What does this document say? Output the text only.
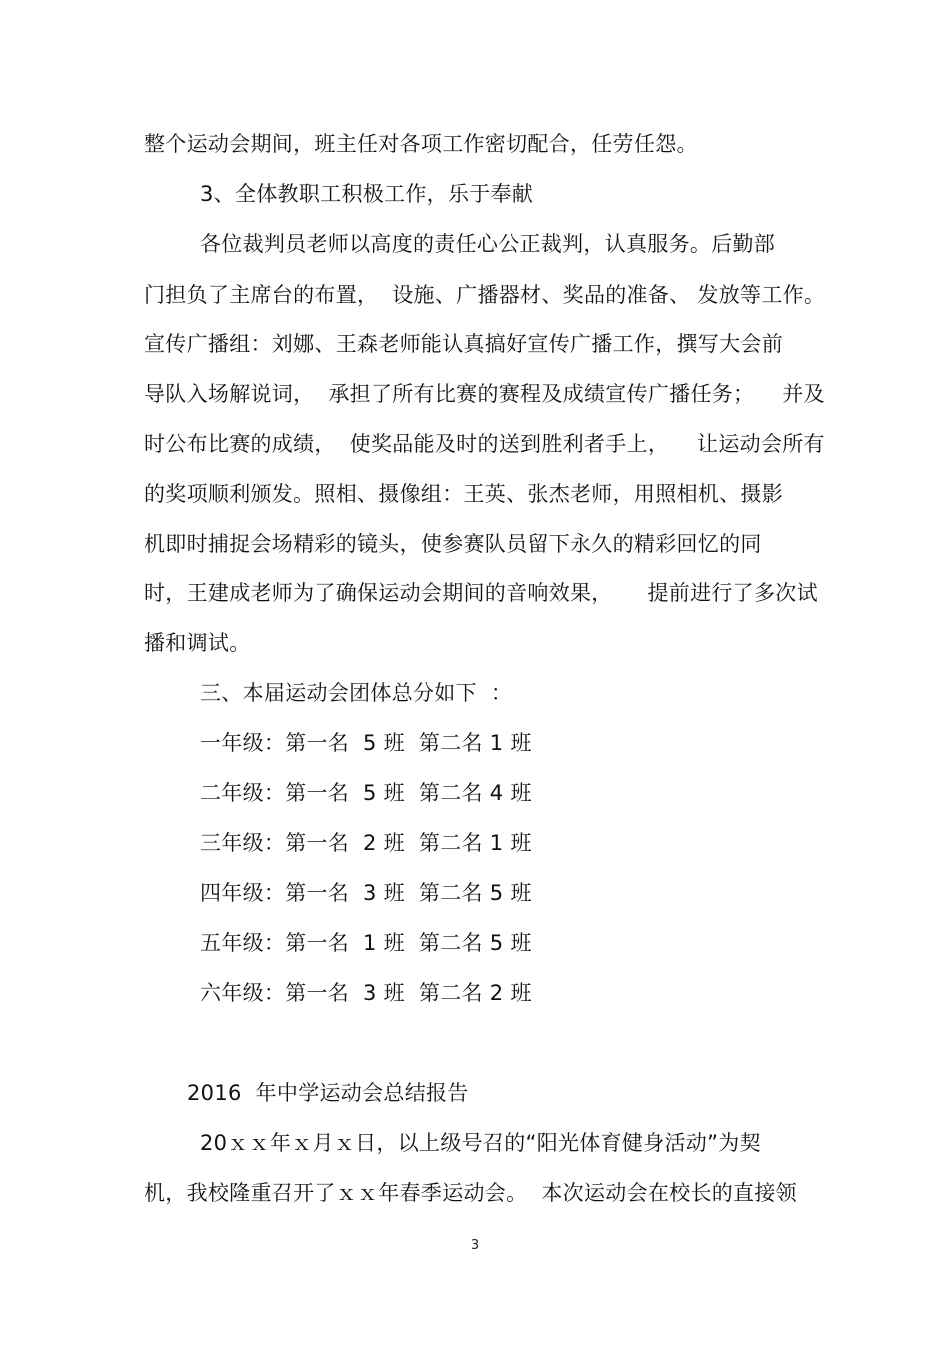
整个运动会期间，班主任对各项工作密切配合，任劳任怨。
3、全体教职工积极工作，乐于奉献
各位裁判员老师以高度的责任心公正裁判，认真服务。后勤部
门担负了主席台的布置，  设施、广播器材、奖品的准备、 发放等工作。
宣传广播组：刘娜、王森老师能认真搞好宣传广播工作，撰写大会前
导队入场解说词，  承担了所有比赛的赛程及成绩宣传广播任务；    并及
时公布比赛的成绩，  使奖品能及时的送到胜利者手上，    让运动会所有
的奖项顺利颁发。照相、摄像组：王英、张杰老师，用照相机、摄影
机即时捕捉会场精彩的镜头，使参赛队员留下永久的精彩回忆的同
时，王建成老师为了确保运动会期间的音响效果，     提前进行了多次试
播和调试。
三、本届运动会团体总分如下  ：
一年级：第一名  5 班  第二名 1 班
二年级：第一名  5 班  第二名 4 班
三年级：第一名  2 班  第二名 1 班
四年级：第一名  3 班  第二名 5 班
五年级：第一名  1 班  第二名 5 班
六年级：第一名  3 班  第二名 2 班
2016  年中学运动会总结报告
20ｘｘ年ｘ月ｘ日，以上级号召的“阳光体育健身活动”为契
机，我校隆重召开了ｘｘ年春季运动会。  本次运动会在校长的直接领
3
